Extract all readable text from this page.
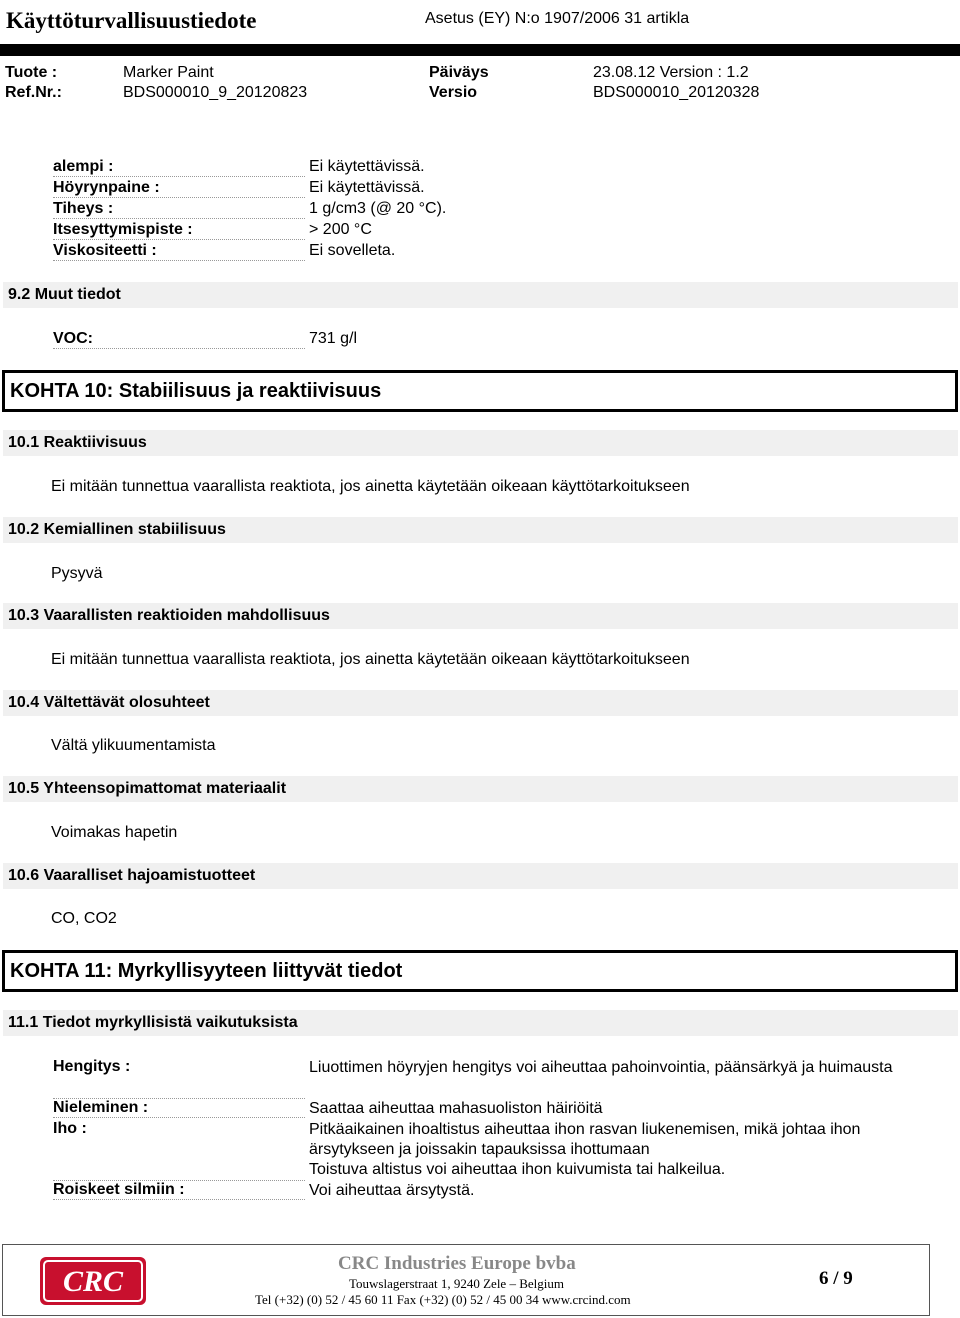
Käyttöturvallisuustiedote	Asetus (EY) N:o 1907/2006 31 artikla
Tuote :	Marker Paint	Päiväys	23.08.12 Version : 1.2
Ref.Nr.:	BDS000010_9_20120823	Versio	BDS000010_20120328
alempi :	Ei käytettävissä.
Höyrynpaine :	Ei käytettävissä.
Tiheys :	1 g/cm3 (@ 20 °C).
Itsesyttymispiste :	> 200 °C
Viskositeetti :	Ei sovelleta.
9.2 Muut tiedot
VOC:	731 g/l
KOHTA 10: Stabiilisuus ja reaktiivisuus
10.1 Reaktiivisuus
Ei mitään tunnettua vaarallista reaktiota, jos ainetta käytetään oikeaan käyttötarkoitukseen
10.2 Kemiallinen stabiilisuus
Pysyvä
10.3 Vaarallisten reaktioiden mahdollisuus
Ei mitään tunnettua vaarallista reaktiota, jos ainetta käytetään oikeaan käyttötarkoitukseen
10.4 Vältettävät olosuhteet
Vältä ylikuumentamista
10.5 Yhteensopimattomat materiaalit
Voimakas hapetin
10.6 Vaaralliset hajoamistuotteet
CO, CO2
KOHTA 11: Myrkyllisyyteen liittyvät tiedot
11.1 Tiedot myrkyllisistä vaikutuksista
Hengitys :	Liuottimen höyryjen hengitys voi aiheuttaa pahoinvointia, päänsärkyä ja huimausta
Nieleminen :	Saattaa aiheuttaa mahasuoliston häiriöitä
Iho :	Pitkäaikainen ihoaltistus aiheuttaa ihon rasvan liukenemisen, mikä johtaa ihon ärsytykseen ja joissakin tapauksissa ihottumaan
Toistuva altistus voi aiheuttaa ihon kuivumista tai halkeilua.
Roiskeet silmiin :	Voi aiheuttaa ärsytystä.
CRC
CRC Industries Europe bvba
Touwslagerstraat 1, 9240 Zele – Belgium
Tel (+32) (0) 52 / 45 60 11 Fax (+32) (0) 52 / 45 00 34 www.crcind.com
6 / 9
